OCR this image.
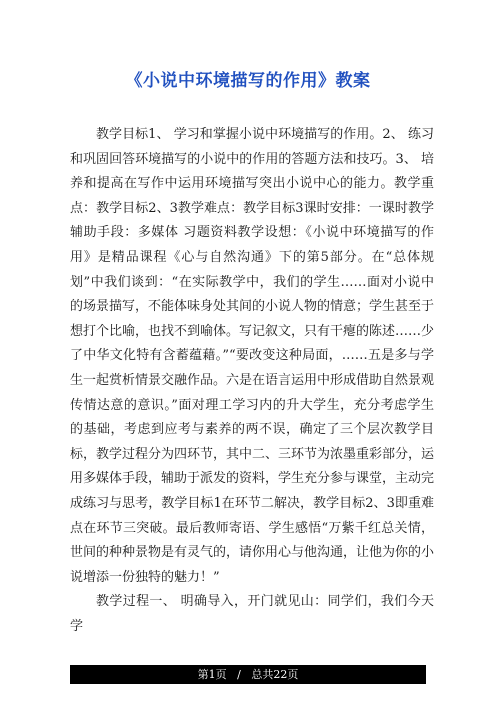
《小说中环境描写的作用》教案

教学目标1、 学习和掌握小说中环境描写的作用。2、 练习和巩固回答环境描写的小说中的作用的答题方法和技巧。3、 培养和提高在写作中运用环境描写突出小说中心的能力。教学重点：教学目标2、3教学难点：教学目标3课时安排：一课时教学辅助手段：多媒体 习题资料教学设想：《小说中环境描写的作用》是精品课程《心与自然沟通》下的第5部分。在“总体规划”中我们谈到：“在实际教学中，我们的学生……面对小说中的场景描写，不能体味身处其间的小说人物的情意；学生甚至于想打个比喻，也找不到喻体。写记叙文，只有干瘪的陈述……少了中华文化特有含蓄蕴藉。”“要改变这种局面，……五是多与学生一起赏析情景交融作品。六是在语言运用中形成借助自然景观传情达意的意识。”面对理工学习内的升大学生，充分考虑学生的基础，考虑到应考与素养的两不误，确定了三个层次教学目标，教学过程分为四环节，其中二、三环节为浓墨重彩部分，运用多媒体手段，辅助于派发的资料，学生充分参与课堂，主动完成练习与思考，教学目标1在环节二解决，教学目标2、3即重难点在环节三突破。最后教师寄语、学生感悟“万紫千红总关情，世间的种种景物是有灵气的，请你用心与他沟通，让他为你的小说增添一份独特的魅力！”

教学过程一、 明确导入，开门就见山：同学们，我们今天学

第1页   /   总共22页
